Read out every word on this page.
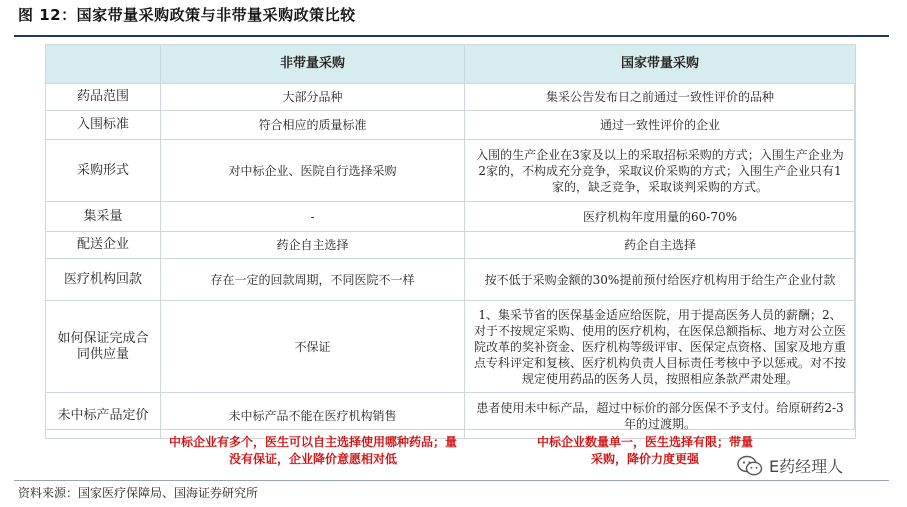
图 12：国家带量采购政策与非带量采购政策比较
	非带量采购	国家带量采购
药品范围	大部分品种	集采公告发布日之前通过一致性评价的品种
入围标准	符合相应的质量标准	通过一致性评价的企业
采购形式	对中标企业、医院自行选择采购	入围的生产企业在3家及以上的采取招标采购的方式；入围生产企业为2家的，不构成充分竞争，采取议价采购的方式；入围生产企业只有1家的，缺乏竞争，采取谈判采购的方式。
集采量	-	医疗机构年度用量的60-70%
配送企业	药企自主选择	药企自主选择
医疗机构回款	存在一定的回款周期，不同医院不一样	按不低于采购金额的30%提前预付给医疗机构用于给生产企业付款
如何保证完成合同供应量	不保证	1、集采节省的医保基金适应给医院，用于提高医务人员的薪酬；2、对于不按规定采购、使用的医疗机构，在医保总额指标、地方对公立医院改革的奖补资金、医疗机构等级评审、医保定点资格、国家及地方重点专科评定和复核、医疗机构负责人目标责任考核中予以惩戒。对不按规定使用药品的医务人员，按照相应条款严肃处理。
未中标产品定价	未中标产品不能在医疗机构销售	患者使用未中标产品，超过中标价的部分医保不予支付。给原研药2-3年的过渡期。
中标企业有多个，医生可以自主选择使用哪种药品；量没有保证，企业降价意愿相对低
中标企业数量单一，医生选择有限；带量采购，降价力度更强	E药经理人
资料来源：国家医疗保障局、国海证券研究所
